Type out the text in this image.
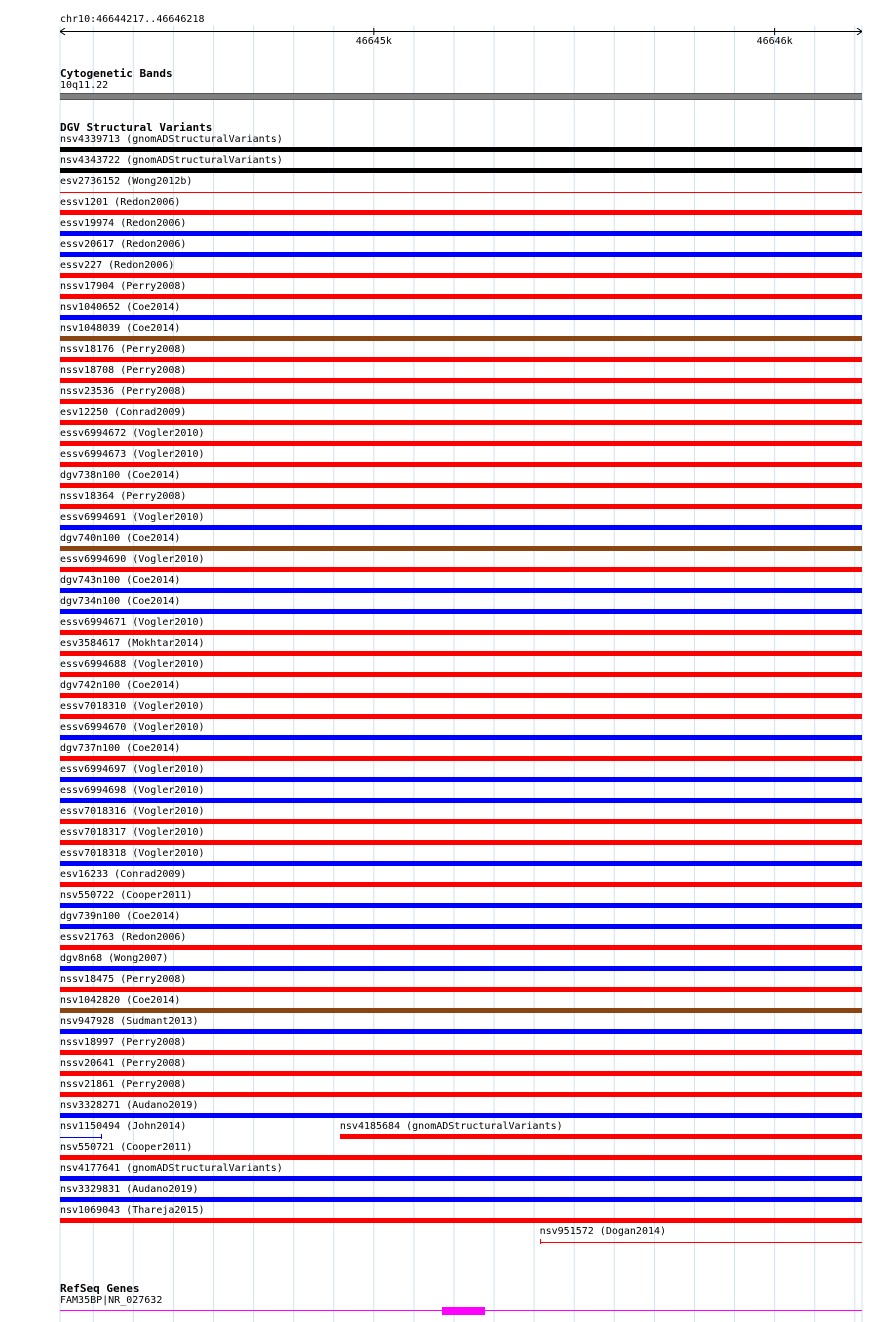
chr10:46644217..46646218
46645k	46646k
Cytogenetic Bands
10q11.22
DGV Structural Variants
nsv4339713 (gnomADStructuralVariants)
nsv4343722 (gnomADStructuralVariants)
esv2736152 (Wong2012b)
essv1201 (Redon2006)
essv19974 (Redon2006)
essv20617 (Redon2006)
essv227 (Redon2006)
nssv17904 (Perry2008)
nsv1040652 (Coe2014)
nsv1048039 (Coe2014)
nssv18176 (Perry2008)
nssv18708 (Perry2008)
nssv23536 (Perry2008)
esv12250 (Conrad2009)
essv6994672 (Vogler2010)
essv6994673 (Vogler2010)
dgv738n100 (Coe2014)
nssv18364 (Perry2008)
essv6994691 (Vogler2010)
dgv740n100 (Coe2014)
essv6994690 (Vogler2010)
dgv743n100 (Coe2014)
dgv734n100 (Coe2014)
essv6994671 (Vogler2010)
esv3584617 (Mokhtar2014)
essv6994688 (Vogler2010)
dgv742n100 (Coe2014)
essv7018310 (Vogler2010)
essv6994670 (Vogler2010)
dgv737n100 (Coe2014)
essv6994697 (Vogler2010)
essv6994698 (Vogler2010)
essv7018316 (Vogler2010)
essv7018317 (Vogler2010)
essv7018318 (Vogler2010)
esv16233 (Conrad2009)
nsv550722 (Cooper2011)
dgv739n100 (Coe2014)
essv21763 (Redon2006)
dgv8n68 (Wong2007)
nssv18475 (Perry2008)
nsv1042820 (Coe2014)
nsv947928 (Sudmant2013)
nssv18997 (Perry2008)
nssv20641 (Perry2008)
nssv21861 (Perry2008)
nsv3328271 (Audano2019)
nsv1150494 (John2014)	nsv4185684 (gnomADStructuralVariants)
nsv550721 (Cooper2011)
nsv4177641 (gnomADStructuralVariants)
nsv3329831 (Audano2019)
nsv1069043 (Thareja2015)
nsv951572 (Dogan2014)
RefSeq Genes
FAM35BP|NR_027632
